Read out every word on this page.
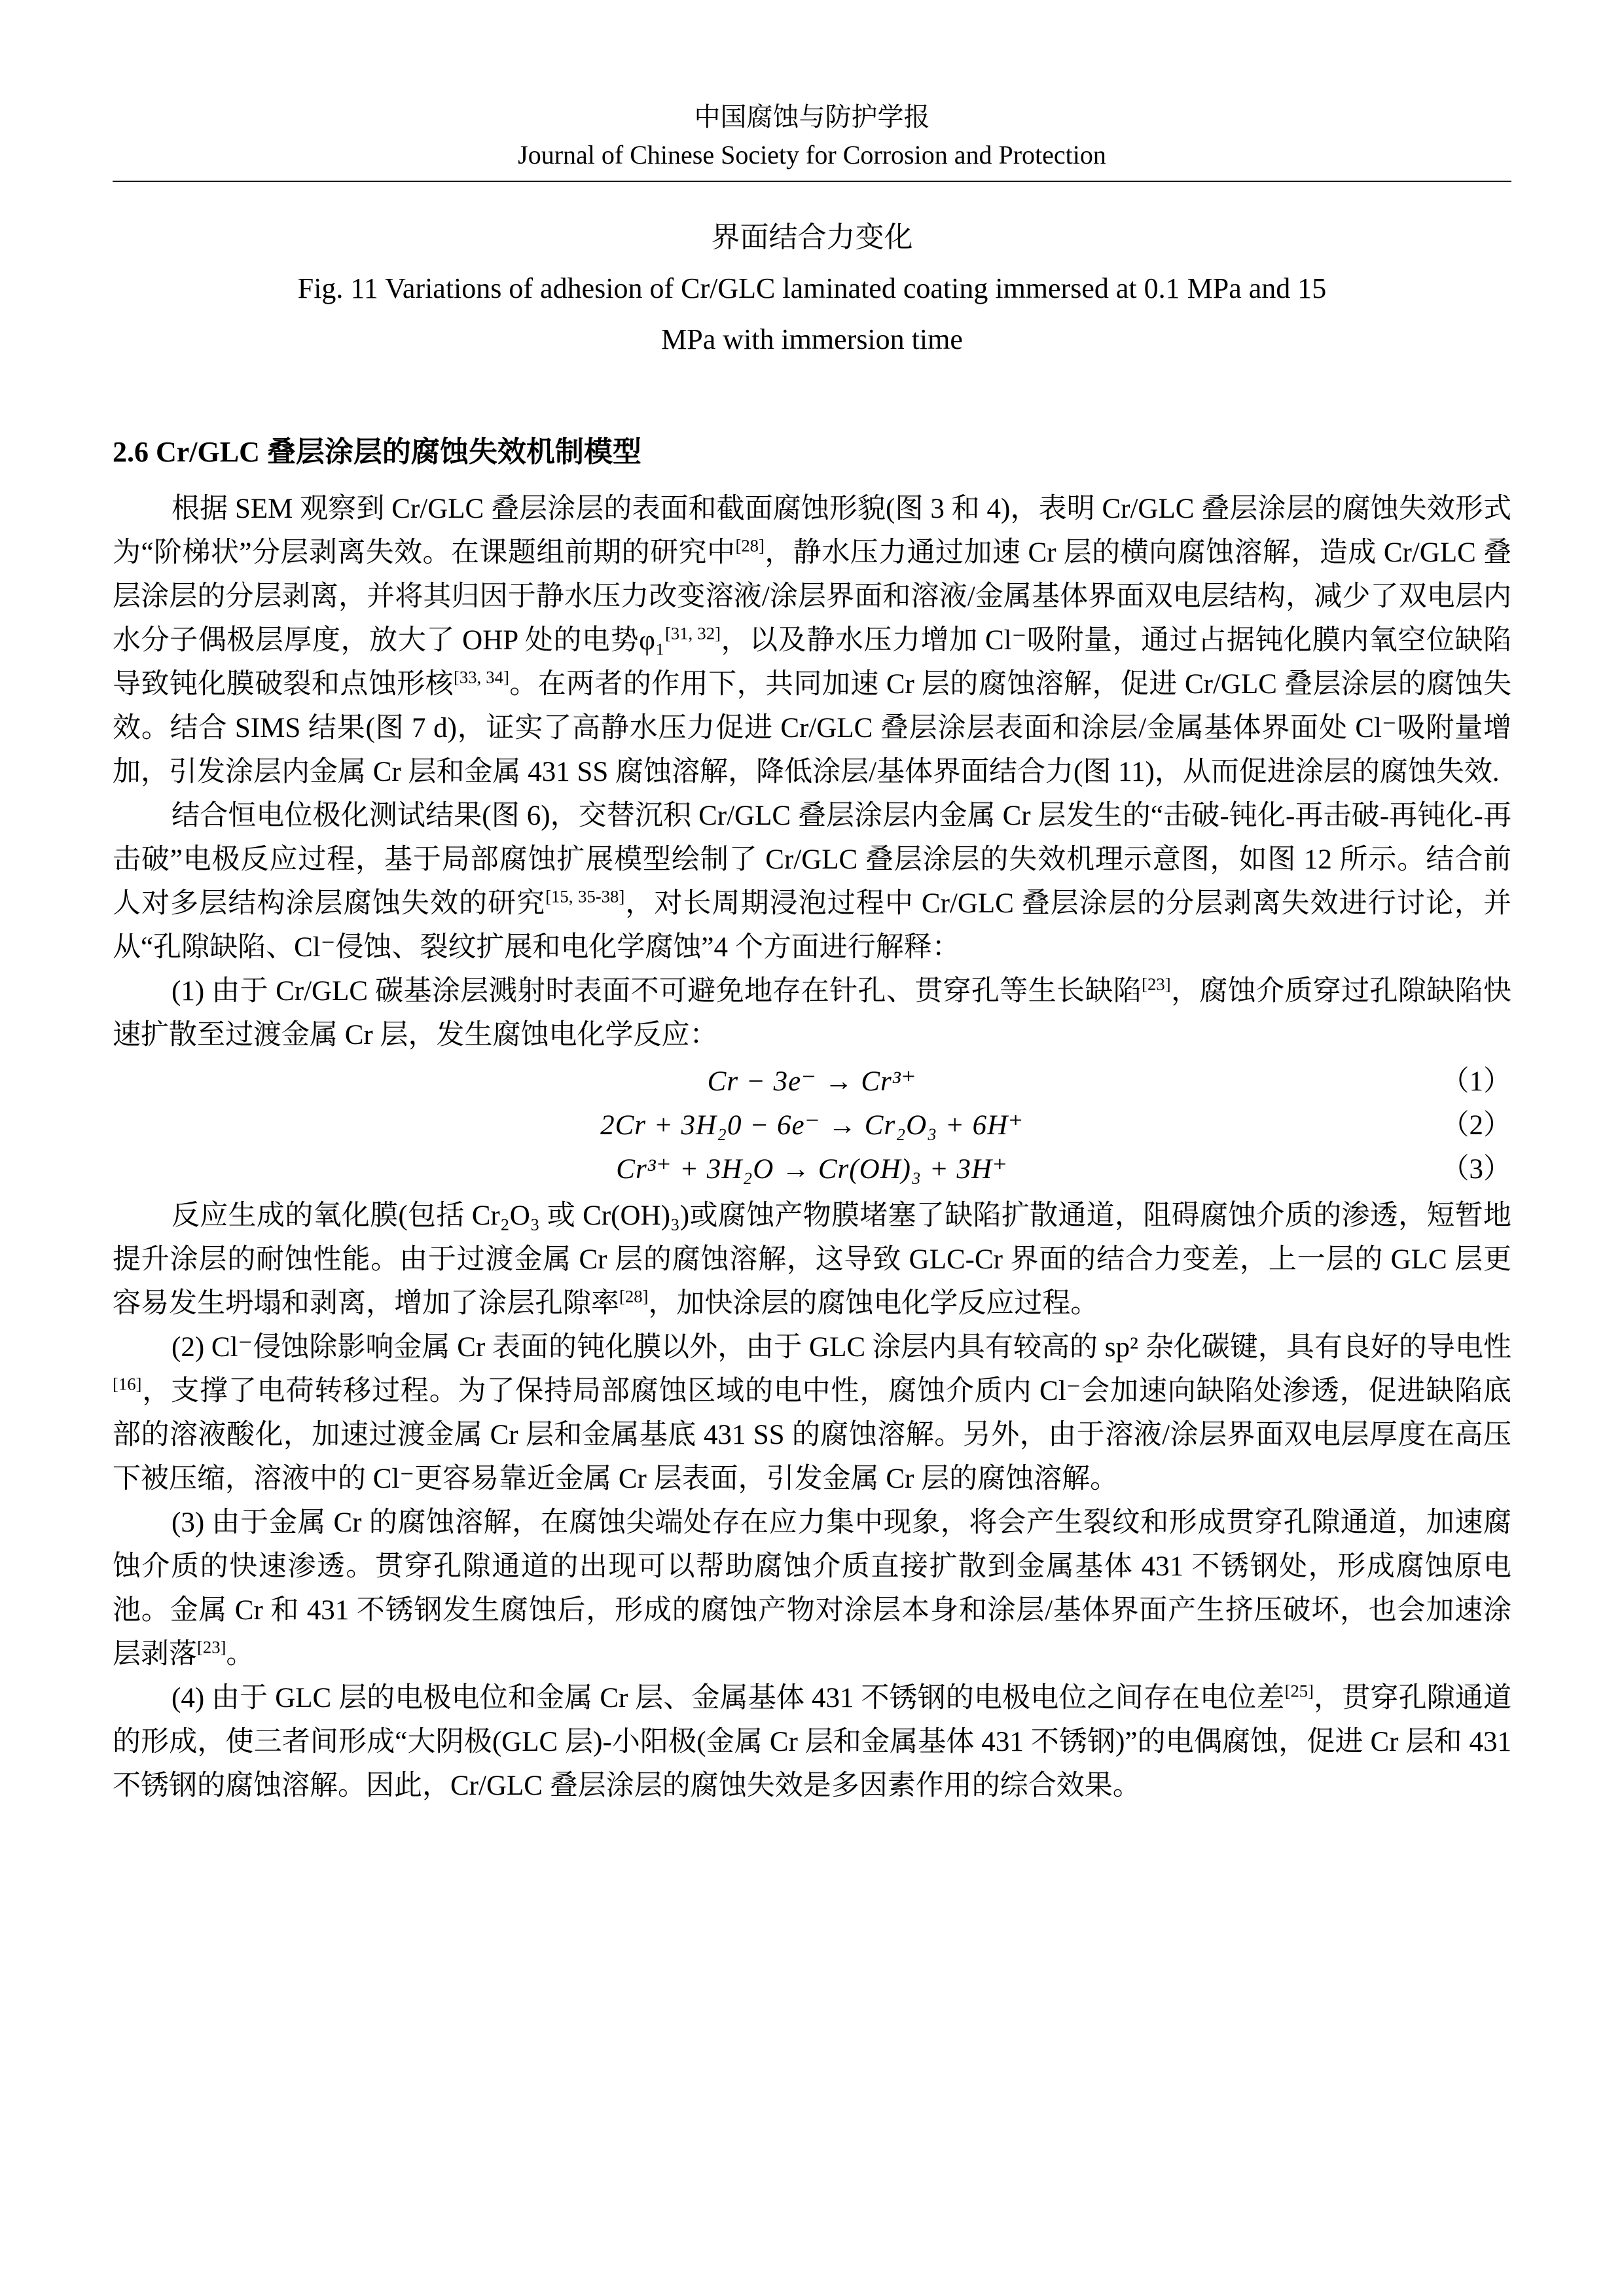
中国腐蚀与防护学报
Journal of Chinese Society for Corrosion and Protection
界面结合力变化
Fig. 11 Variations of adhesion of Cr/GLC laminated coating immersed at 0.1 MPa and 15
MPa with immersion time
2.6 Cr/GLC 叠层涂层的腐蚀失效机制模型
根据 SEM 观察到 Cr/GLC 叠层涂层的表面和截面腐蚀形貌(图 3 和 4)，表明 Cr/GLC 叠层涂层的腐蚀失效形式为“阶梯状”分层剥离失效。在课题组前期的研究中[28]，静水压力通过加速 Cr 层的横向腐蚀溶解，造成 Cr/GLC 叠层涂层的分层剥离，并将其归因于静水压力改变溶液/涂层界面和溶液/金属基体界面双电层结构，减少了双电层内水分子偶极层厚度，放大了 OHP 处的电势φ₁[31, 32]，以及静水压力增加 Cl⁻吸附量，通过占据钝化膜内氧空位缺陷导致钝化膜破裂和点蚀形核[33, 34]。在两者的作用下，共同加速 Cr 层的腐蚀溶解，促进 Cr/GLC 叠层涂层的腐蚀失效。结合 SIMS 结果(图 7 d)，证实了高静水压力促进 Cr/GLC 叠层涂层表面和涂层/金属基体界面处 Cl⁻吸附量增加，引发涂层内金属 Cr 层和金属 431 SS 腐蚀溶解，降低涂层/基体界面结合力(图 11)，从而促进涂层的腐蚀失效.
结合恒电位极化测试结果(图 6)，交替沉积 Cr/GLC 叠层涂层内金属 Cr 层发生的“击破-钝化-再击破-再钝化-再击破”电极反应过程，基于局部腐蚀扩展模型绘制了 Cr/GLC 叠层涂层的失效机理示意图，如图 12 所示。结合前人对多层结构涂层腐蚀失效的研究[15, 35-38]，对长周期浸泡过程中 Cr/GLC 叠层涂层的分层剥离失效进行讨论，并从“孔隙缺陷、Cl⁻侵蚀、裂纹扩展和电化学腐蚀”4 个方面进行解释：
(1) 由于 Cr/GLC 碳基涂层溅射时表面不可避免地存在针孔、贯穿孔等生长缺陷[23]，腐蚀介质穿过孔隙缺陷快速扩散至过渡金属 Cr 层，发生腐蚀电化学反应：
Cr − 3e⁻ → Cr³⁺	（1）
2Cr + 3H₂0 − 6e⁻ → Cr₂O₃ + 6H⁺	（2）
Cr³⁺ + 3H₂O → Cr(OH)₃ + 3H⁺	（3）
反应生成的氧化膜(包括 Cr₂O₃ 或 Cr(OH)₃)或腐蚀产物膜堵塞了缺陷扩散通道，阻碍腐蚀介质的渗透，短暂地提升涂层的耐蚀性能。由于过渡金属 Cr 层的腐蚀溶解，这导致 GLC-Cr 界面的结合力变差，上一层的 GLC 层更容易发生坍塌和剥离，增加了涂层孔隙率[28]，加快涂层的腐蚀电化学反应过程。
(2) Cl⁻侵蚀除影响金属 Cr 表面的钝化膜以外，由于 GLC 涂层内具有较高的 sp² 杂化碳键，具有良好的导电性[16]，支撑了电荷转移过程。为了保持局部腐蚀区域的电中性，腐蚀介质内 Cl⁻会加速向缺陷处渗透，促进缺陷底部的溶液酸化，加速过渡金属 Cr 层和金属基底 431 SS 的腐蚀溶解。另外，由于溶液/涂层界面双电层厚度在高压下被压缩，溶液中的 Cl⁻更容易靠近金属 Cr 层表面，引发金属 Cr 层的腐蚀溶解。
(3) 由于金属 Cr 的腐蚀溶解，在腐蚀尖端处存在应力集中现象，将会产生裂纹和形成贯穿孔隙通道，加速腐蚀介质的快速渗透。贯穿孔隙通道的出现可以帮助腐蚀介质直接扩散到金属基体 431 不锈钢处，形成腐蚀原电池。金属 Cr 和 431 不锈钢发生腐蚀后，形成的腐蚀产物对涂层本身和涂层/基体界面产生挤压破坏，也会加速涂层剥落[23]。
(4) 由于 GLC 层的电极电位和金属 Cr 层、金属基体 431 不锈钢的电极电位之间存在电位差[25]，贯穿孔隙通道的形成，使三者间形成“大阴极(GLC 层)-小阳极(金属 Cr 层和金属基体 431 不锈钢)”的电偶腐蚀，促进 Cr 层和 431 不锈钢的腐蚀溶解。因此，Cr/GLC 叠层涂层的腐蚀失效是多因素作用的综合效果。
